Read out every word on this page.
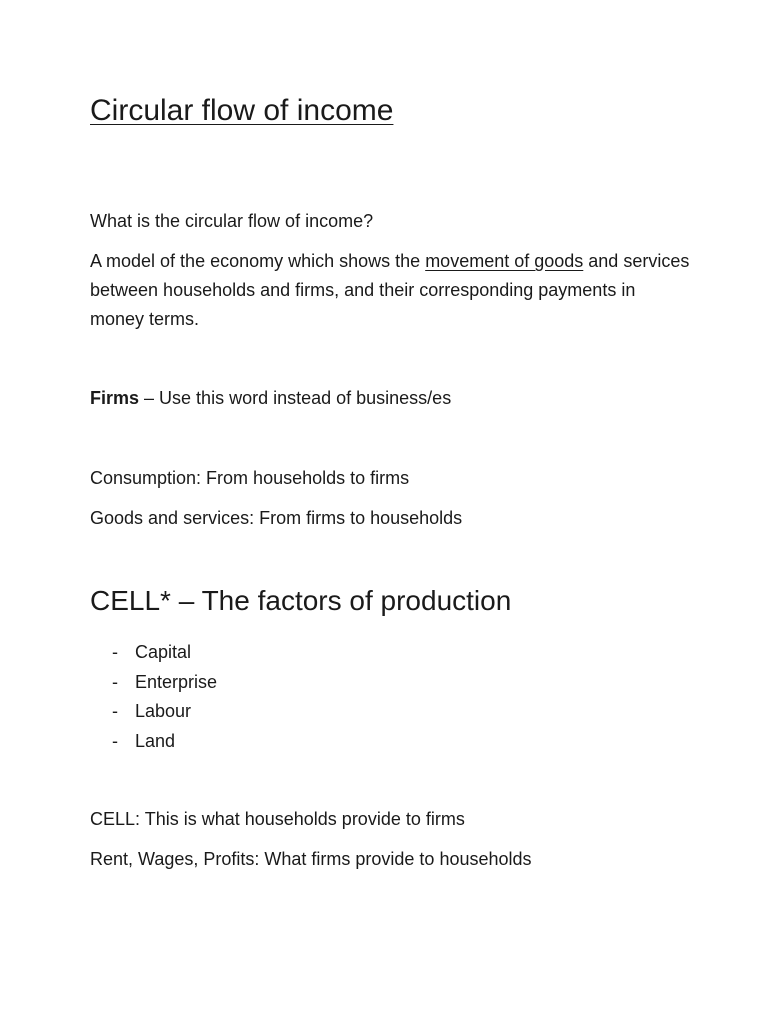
Circular flow of income

What is the circular flow of income?

A model of the economy which shows the movement of goods and services between households and firms, and their corresponding payments in money terms.

Firms – Use this word instead of business/es

Consumption: From households to firms

Goods and services: From firms to households

CELL* – The factors of production
- Capital
- Enterprise
- Labour
- Land

CELL: This is what households provide to firms

Rent, Wages, Profits: What firms provide to households
